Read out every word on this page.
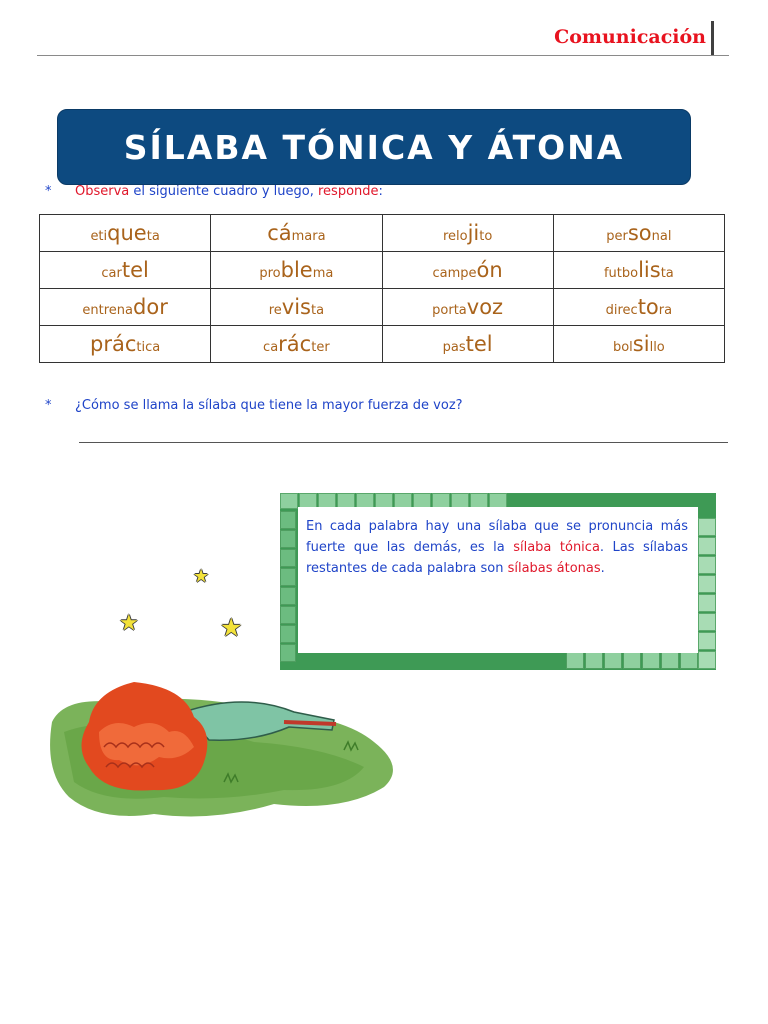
Comunicación
SÍLABA TÓNICA Y ÁTONA
* Observa el siguiente cuadro y luego, responde:
etiqueta	cámara	relojito	personal
cartel	problema	campeón	futbolista
entrenador	revista	portavoz	directora
práctica	carácter	pastel	bolsillo
* ¿Cómo se llama la sílaba que tiene la mayor fuerza de voz?
En cada palabra hay una sílaba que se pronuncia más fuerte que las demás, es la sílaba tónica. Las sílabas restantes de cada palabra son sílabas átonas.
★
★	★
